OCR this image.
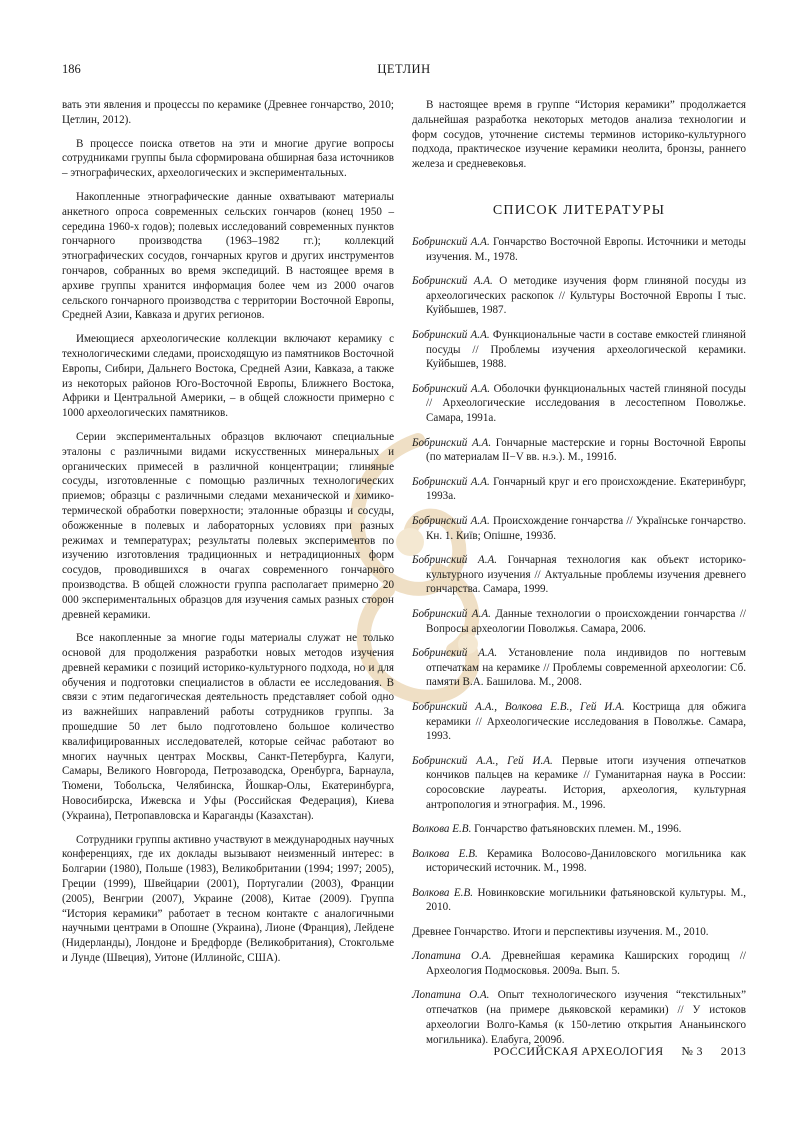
186	ЦЕТЛИН

вать эти явления и процессы по керамике (Древнее гончарство, 2010; Цетлин, 2012).

В процессе поиска ответов на эти и многие другие вопросы сотрудниками группы была сформирована обширная база источников – этнографических, археологических и экспериментальных.

Накопленные этнографические данные охватывают материалы анкетного опроса современных сельских гончаров (конец 1950 – середина 1960-х годов); полевых исследований современных пунктов гончарного производства (1963–1982 гг.); коллекций этнографических сосудов, гончарных кругов и других инструментов гончаров, собранных во время экспедиций. В настоящее время в архиве группы хранится информация более чем из 2000 очагов сельского гончарного производства с территории Восточной Европы, Средней Азии, Кавказа и других регионов.

Имеющиеся археологические коллекции включают керамику с технологическими следами, происходящую из памятников Восточной Европы, Сибири, Дальнего Востока, Средней Азии, Кавказа, а также из некоторых районов Юго-Восточной Европы, Ближнего Востока, Африки и Центральной Америки, – в общей сложности примерно с 1000 археологических памятников.

Серии экспериментальных образцов включают специальные эталоны с различными видами искусственных минеральных и органических примесей в различной концентрации; глиняные сосуды, изготовленные с помощью различных технологических приемов; образцы с различными следами механической и химико-термической обработки поверхности; эталонные образцы и сосуды, обожженные в полевых и лабораторных условиях при разных режимах и температурах; результаты полевых экспериментов по изучению изготовления традиционных и нетрадиционных форм сосудов, проводившихся в очагах современного гончарного производства. В общей сложности группа располагает примерно 20 000 экспериментальных образцов для изучения самых разных сторон древней керамики.

Все накопленные за многие годы материалы служат не только основой для продолжения разработки новых методов изучения древней керамики с позиций историко-культурного подхода, но и для обучения и подготовки специалистов в области ее исследования. В связи с этим педагогическая деятельность представляет собой одно из важнейших направлений работы сотрудников группы. За прошедшие 50 лет было подготовлено большое количество квалифицированных исследователей, которые сейчас работают во многих научных центрах Москвы, Санкт-Петербурга, Калуги, Самары, Великого Новгорода, Петрозаводска, Оренбурга, Барнаула, Тюмени, Тобольска, Челябинска, Йошкар-Олы, Екатеринбурга, Новосибирска, Ижевска и Уфы (Российская Федерация), Киева (Украина), Петропавловска и Караганды (Казахстан).

Сотрудники группы активно участвуют в международных научных конференциях, где их доклады вызывают неизменный интерес: в Болгарии (1980), Польше (1983), Великобритании (1994; 1997; 2005), Греции (1999), Швейцарии (2001), Португалии (2003), Франции (2005), Венгрии (2007), Украине (2008), Китае (2009). Группа “История керамики” работает в тесном контакте с аналогичными научными центрами в Опошне (Украина), Лионе (Франция), Лейдене (Нидерланды), Лондоне и Бредфорде (Великобритания), Стокгольме и Лунде (Швеция), Уитоне (Иллинойс, США).

В настоящее время в группе “История керамики” продолжается дальнейшая разработка некоторых методов анализа технологии и форм сосудов, уточнение системы терминов историко-культурного подхода, практическое изучение керамики неолита, бронзы, раннего железа и средневековья.

СПИСОК ЛИТЕРАТУРЫ
Бобринский А.А. Гончарство Восточной Европы. Источники и методы изучения. М., 1978.
Бобринский А.А. О методике изучения форм глиняной посуды из археологических раскопок // Культуры Восточной Европы I тыс. Куйбышев, 1987.
Бобринский А.А. Функциональные части в составе емкостей глиняной посуды // Проблемы изучения археологической керамики. Куйбышев, 1988.
Бобринский А.А. Оболочки функциональных частей глиняной посуды // Археологические исследования в лесостепном Поволжье. Самара, 1991а.
Бобринский А.А. Гончарные мастерские и горны Восточной Европы (по материалам II−V вв. н.э.). М., 1991б.
Бобринский А.А. Гончарный круг и его происхождение. Екатеринбург, 1993а.
Бобринский А.А. Происхождение гончарства // Українське гончарство. Кн. 1. Київ; Опiшне, 1993б.
Бобринский А.А. Гончарная технология как объект историко-культурного изучения // Актуальные проблемы изучения древнего гончарства. Самара, 1999.
Бобринский А.А. Данные технологии о происхождении гончарства // Вопросы археологии Поволжья. Самара, 2006.
Бобринский А.А. Установление пола индивидов по ногтевым отпечаткам на керамике // Проблемы современной археологии: Сб. памяти В.А. Башилова. М., 2008.
Бобринский А.А., Волкова Е.В., Гей И.А. Кострища для обжига керамики // Археологические исследования в Поволжье. Самара, 1993.
Бобринский А.А., Гей И.А. Первые итоги изучения отпечатков кончиков пальцев на керамике // Гуманитарная наука в России: соросовские лауреаты. История, археология, культурная антропология и этнография. М., 1996.
Волкова Е.В. Гончарство фатьяновских племен. М., 1996.
Волкова Е.В. Керамика Волосово-Даниловского могильника как исторический источник. М., 1998.
Волкова Е.В. Новинковские могильники фатьяновской культуры. М., 2010.
Древнее Гончарство. Итоги и перспективы изучения. М., 2010.
Лопатина О.А. Древнейшая керамика Каширских городищ // Археология Подмосковья. 2009а. Вып. 5.
Лопатина О.А. Опыт технологического изучения “текстильных” отпечатков (на примере дьяковской керамики) // У истоков археологии Волго-Камья (к 150-летию открытия Ананьинского могильника). Елабуга, 2009б.
РОССИЙСКАЯ АРХЕОЛОГИЯ № 3 2013
